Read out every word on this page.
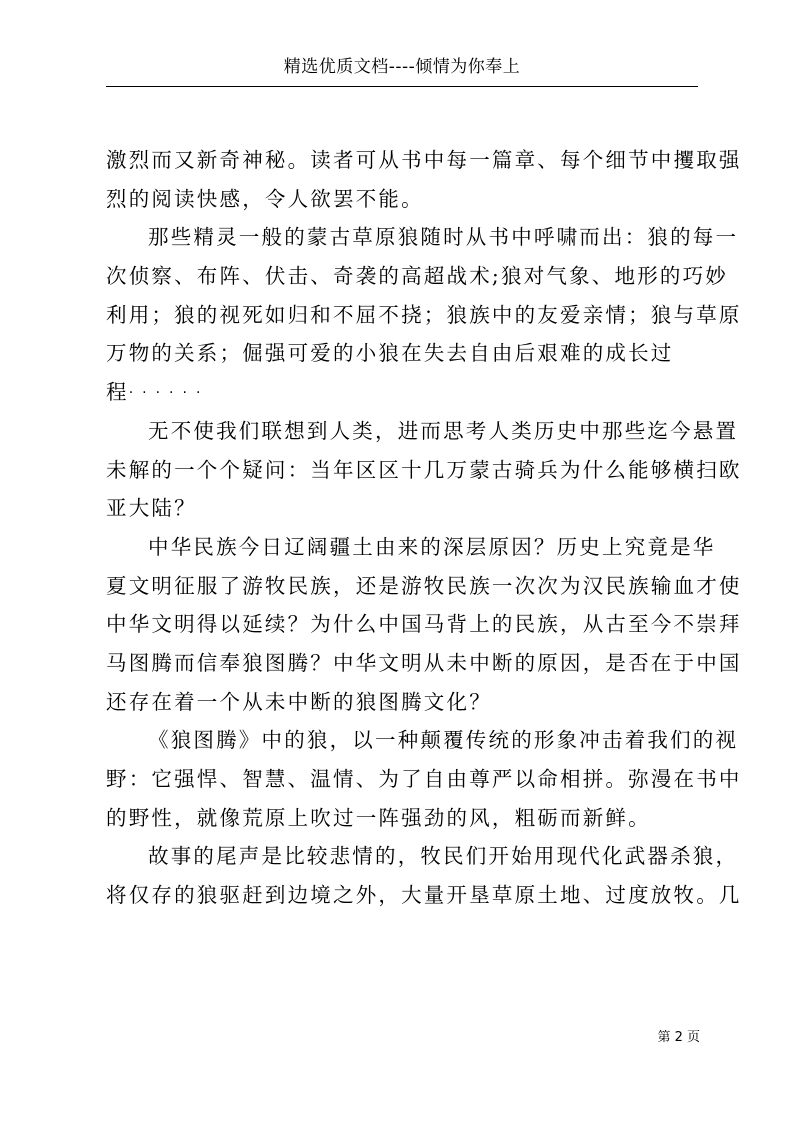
精选优质文档----倾情为你奉上
激烈而又新奇神秘。读者可从书中每一篇章、每个细节中攫取强
烈的阅读快感，令人欲罢不能。
那些精灵一般的蒙古草原狼随时从书中呼啸而出：狼的每一
次侦察、布阵、伏击、奇袭的高超战术;狼对气象、地形的巧妙
利用；狼的视死如归和不屈不挠；狼族中的友爱亲情；狼与草原
万物的关系；倔强可爱的小狼在失去自由后艰难的成长过
程······
无不使我们联想到人类，进而思考人类历史中那些迄今悬置
未解的一个个疑问：当年区区十几万蒙古骑兵为什么能够横扫欧
亚大陆？
中华民族今日辽阔疆土由来的深层原因？历史上究竟是华
夏文明征服了游牧民族，还是游牧民族一次次为汉民族输血才使
中华文明得以延续？为什么中国马背上的民族，从古至今不崇拜
马图腾而信奉狼图腾？中华文明从未中断的原因，是否在于中国
还存在着一个从未中断的狼图腾文化？
《狼图腾》中的狼，以一种颠覆传统的形象冲击着我们的视
野：它强悍、智慧、温情、为了自由尊严以命相拼。弥漫在书中
的野性，就像荒原上吹过一阵强劲的风，粗砺而新鲜。
故事的尾声是比较悲情的，牧民们开始用现代化武器杀狼，
将仅存的狼驱赶到边境之外，大量开垦草原土地、过度放牧。几
第 2 页
